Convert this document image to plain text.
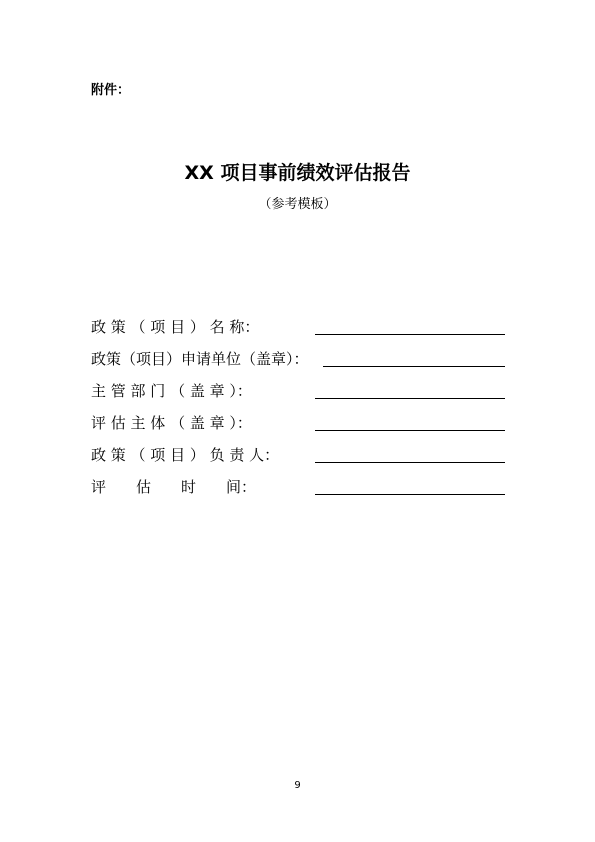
附件：
XX 项目事前绩效评估报告
（参考模板）
政 策 （ 项 目 ） 名 称：
政策（项目）申请单位（盖章）：
主 管 部 门 （ 盖 章 ）：
评 估 主 体 （ 盖 章 ）：
政 策 （ 项 目 ） 负 责 人：
评　　估　　时　　间：
9
